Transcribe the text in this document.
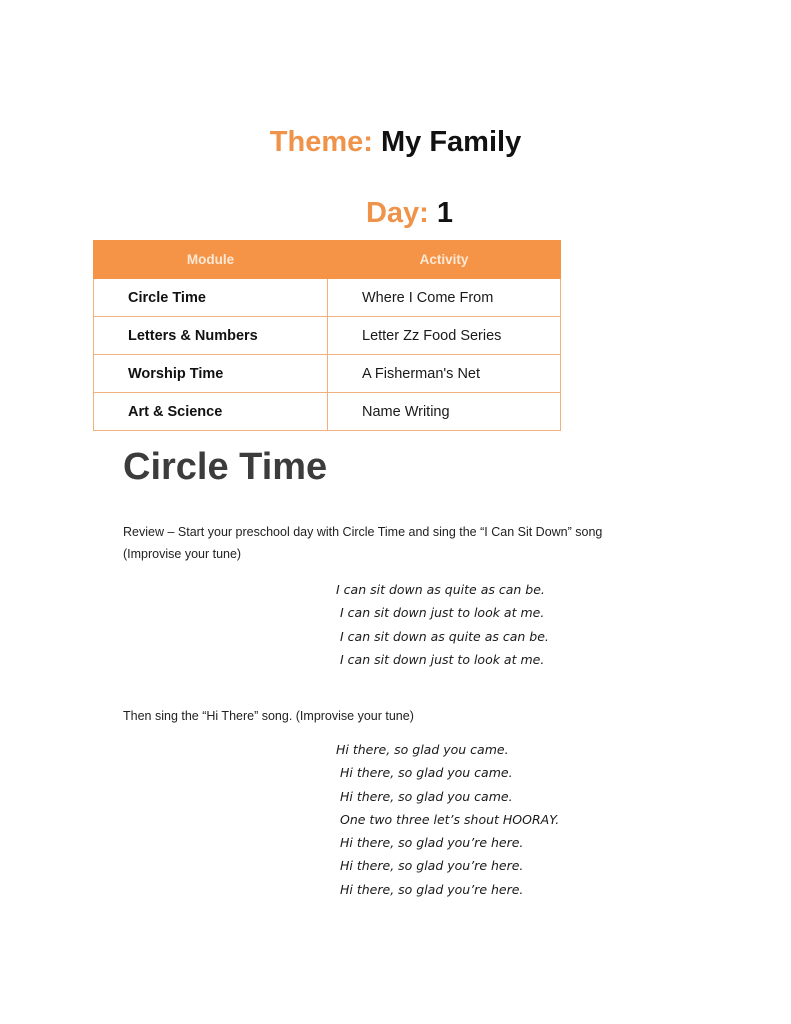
Theme: My Family
Day: 1
Module	Activity
Circle Time	Where I Come From
Letters & Numbers	Letter Zz Food Series
Worship Time	A Fisherman's Net
Art & Science	Name Writing
Circle Time
Review – Start your preschool day with Circle Time and sing the “I Can Sit Down” song
(Improvise your tune)
I can sit down as quite as can be.
I can sit down just to look at me.
I can sit down as quite as can be.
I can sit down just to look at me.
Then sing the “Hi There” song. (Improvise your tune)
Hi there, so glad you came.
Hi there, so glad you came.
Hi there, so glad you came.
One two three let’s shout HOORAY.
Hi there, so glad you’re here.
Hi there, so glad you’re here.
Hi there, so glad you’re here.
